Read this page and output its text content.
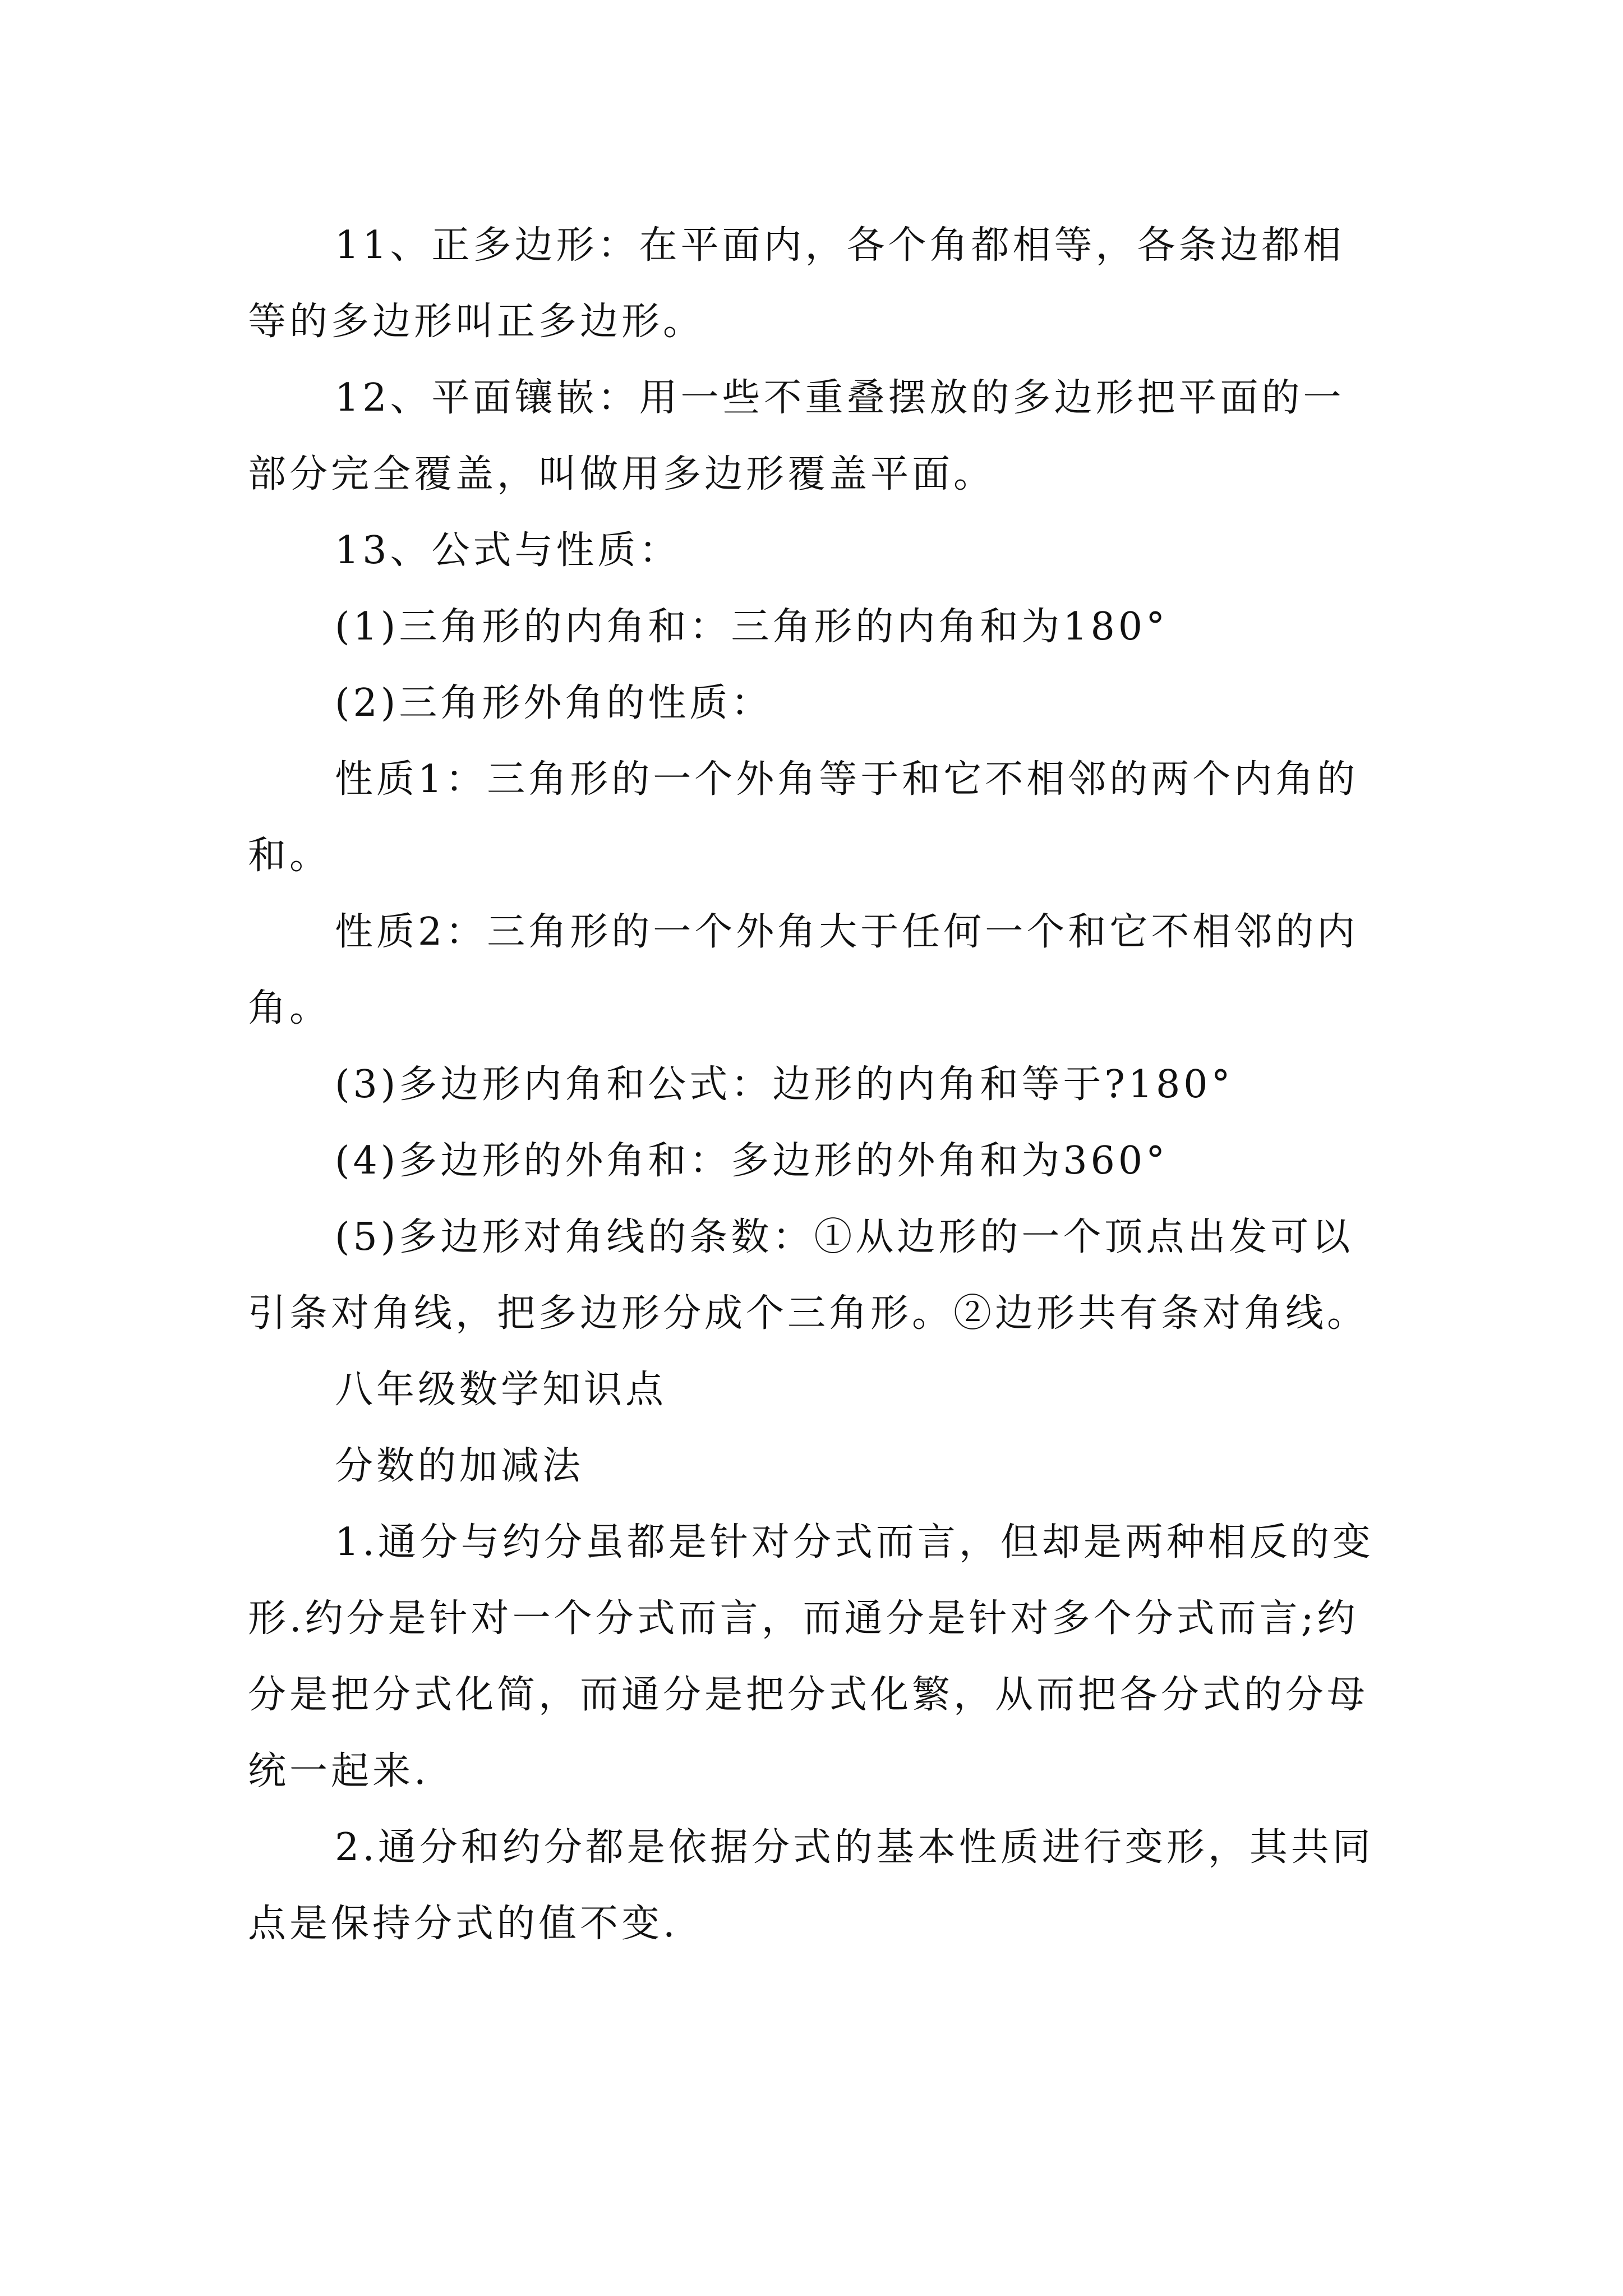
11、正多边形：在平面内，各个角都相等，各条边都相等的多边形叫正多边形。

12、平面镶嵌：用一些不重叠摆放的多边形把平面的一部分完全覆盖，叫做用多边形覆盖平面。

13、公式与性质：

(1)三角形的内角和：三角形的内角和为180°

(2)三角形外角的性质：

性质1：三角形的一个外角等于和它不相邻的两个内角的和。

性质2：三角形的一个外角大于任何一个和它不相邻的内角。

(3)多边形内角和公式：边形的内角和等于?180°

(4)多边形的外角和：多边形的外角和为360°

(5)多边形对角线的条数：①从边形的一个顶点出发可以引条对角线，把多边形分成个三角形。②边形共有条对角线。

八年级数学知识点

分数的加减法

1.通分与约分虽都是针对分式而言，但却是两种相反的变形.约分是针对一个分式而言，而通分是针对多个分式而言;约分是把分式化简，而通分是把分式化繁，从而把各分式的分母统一起来.

2.通分和约分都是依据分式的基本性质进行变形，其共同点是保持分式的值不变.
